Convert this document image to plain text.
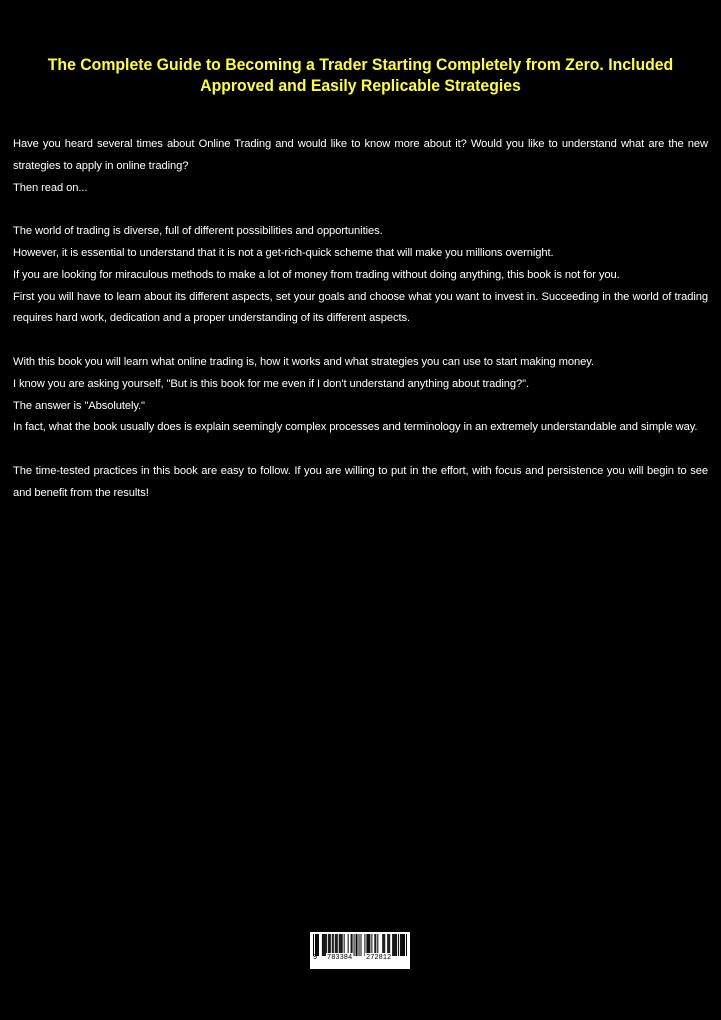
The Complete Guide to Becoming a Trader Starting Completely from Zero. Included Approved and Easily Replicable Strategies

Have you heard several times about Online Trading and would like to know more about it? Would you like to understand what are the new strategies to apply in online trading?

Then read on...

The world of trading is diverse, full of different possibilities and opportunities.

However, it is essential to understand that it is not a get-rich-quick scheme that will make you millions overnight.

If you are looking for miraculous methods to make a lot of money from trading without doing anything, this book is not for you.

First you will have to learn about its different aspects, set your goals and choose what you want to invest in. Succeeding in the world of trading requires hard work, dedication and a proper understanding of its different aspects.

With this book you will learn what online trading is, how it works and what strategies you can use to start making money.

I know you are asking yourself, "But is this book for me even if I don't understand anything about trading?".

The answer is "Absolutely."

In fact, what the book usually does is explain seemingly complex processes and terminology in an extremely understandable and simple way.

The time-tested practices in this book are easy to follow. If you are willing to put in the effort, with focus and persistence you will begin to see and benefit from the results!

9 783384 272812
